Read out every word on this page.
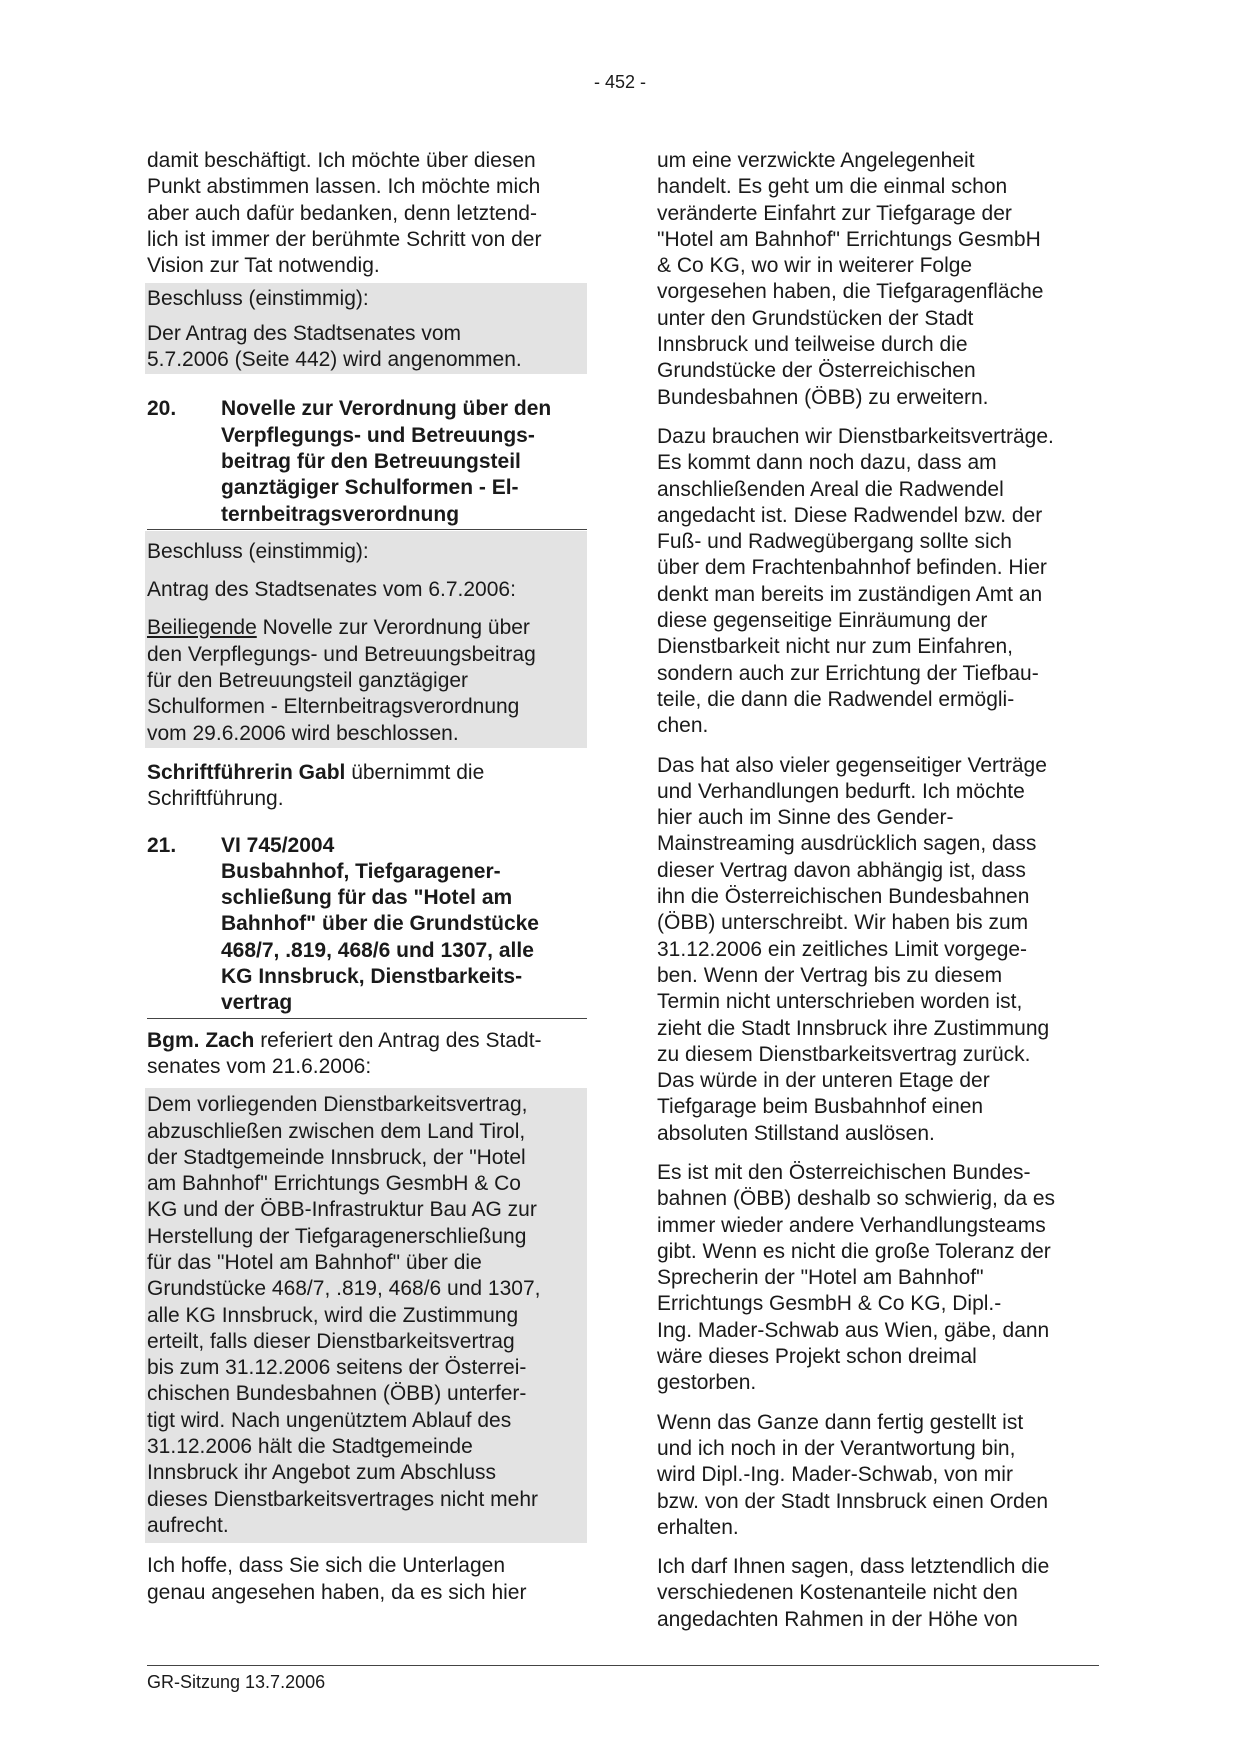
- 452 -
damit beschäftigt. Ich möchte über diesen
Punkt abstimmen lassen. Ich möchte mich
aber auch dafür bedanken, denn letztend-
lich ist immer der berühmte Schritt von der
Vision zur Tat notwendig.
Beschluss (einstimmig):
Der Antrag des Stadtsenates vom
5.7.2006 (Seite 442) wird angenommen.
20.	Novelle zur Verordnung über den
Verpflegungs- und Betreuungs-
beitrag für den Betreuungsteil
ganztägiger Schulformen - El-
ternbeitragsverordnung
Beschluss (einstimmig):
Antrag des Stadtsenates vom 6.7.2006:
Beiliegende Novelle zur Verordnung über
den Verpflegungs- und Betreuungsbeitrag
für den Betreuungsteil ganztägiger
Schulformen - Elternbeitragsverordnung
vom 29.6.2006 wird beschlossen.
Schriftführerin Gabl übernimmt die
Schriftführung.
21.	VI 745/2004
Busbahnhof, Tiefgaragener-
schließung für das "Hotel am
Bahnhof" über die Grundstücke
468/7, .819, 468/6 und 1307, alle
KG Innsbruck, Dienstbarkeits-
vertrag
Bgm. Zach referiert den Antrag des Stadt-
senates vom 21.6.2006:
Dem vorliegenden Dienstbarkeitsvertrag,
abzuschließen zwischen dem Land Tirol,
der Stadtgemeinde Innsbruck, der "Hotel
am Bahnhof" Errichtungs GesmbH & Co
KG und der ÖBB-Infrastruktur Bau AG zur
Herstellung der Tiefgaragenerschließung
für das "Hotel am Bahnhof" über die
Grundstücke 468/7, .819, 468/6 und 1307,
alle KG Innsbruck, wird die Zustimmung
erteilt, falls dieser Dienstbarkeitsvertrag
bis zum 31.12.2006 seitens der Österrei-
chischen Bundesbahnen (ÖBB) unterfer-
tigt wird. Nach ungenütztem Ablauf des
31.12.2006 hält die Stadtgemeinde
Innsbruck ihr Angebot zum Abschluss
dieses Dienstbarkeitsvertrages nicht mehr
aufrecht.
Ich hoffe, dass Sie sich die Unterlagen
genau angesehen haben, da es sich hier
um eine verzwickte Angelegenheit
handelt. Es geht um die einmal schon
veränderte Einfahrt zur Tiefgarage der
"Hotel am Bahnhof" Errichtungs GesmbH
& Co KG, wo wir in weiterer Folge
vorgesehen haben, die Tiefgaragenfläche
unter den Grundstücken der Stadt
Innsbruck und teilweise durch die
Grundstücke der Österreichischen
Bundesbahnen (ÖBB) zu erweitern.
Dazu brauchen wir Dienstbarkeitsverträge.
Es kommt dann noch dazu, dass am
anschließenden Areal die Radwendel
angedacht ist. Diese Radwendel bzw. der
Fuß- und Radwegübergang sollte sich
über dem Frachtenbahnhof befinden. Hier
denkt man bereits im zuständigen Amt an
diese gegenseitige Einräumung der
Dienstbarkeit nicht nur zum Einfahren,
sondern auch zur Errichtung der Tiefbau-
teile, die dann die Radwendel ermögli-
chen.
Das hat also vieler gegenseitiger Verträge
und Verhandlungen bedurft. Ich möchte
hier auch im Sinne des Gender-
Mainstreaming ausdrücklich sagen, dass
dieser Vertrag davon abhängig ist, dass
ihn die Österreichischen Bundesbahnen
(ÖBB) unterschreibt. Wir haben bis zum
31.12.2006 ein zeitliches Limit vorgege-
ben. Wenn der Vertrag bis zu diesem
Termin nicht unterschrieben worden ist,
zieht die Stadt Innsbruck ihre Zustimmung
zu diesem Dienstbarkeitsvertrag zurück.
Das würde in der unteren Etage der
Tiefgarage beim Busbahnhof einen
absoluten Stillstand auslösen.
Es ist mit den Österreichischen Bundes-
bahnen (ÖBB) deshalb so schwierig, da es
immer wieder andere Verhandlungsteams
gibt. Wenn es nicht die große Toleranz der
Sprecherin der "Hotel am Bahnhof"
Errichtungs GesmbH & Co KG, Dipl.-
Ing. Mader-Schwab aus Wien, gäbe, dann
wäre dieses Projekt schon dreimal
gestorben.
Wenn das Ganze dann fertig gestellt ist
und ich noch in der Verantwortung bin,
wird Dipl.-Ing. Mader-Schwab, von mir
bzw. von der Stadt Innsbruck einen Orden
erhalten.
Ich darf Ihnen sagen, dass letztendlich die
verschiedenen Kostenanteile nicht den
angedachten Rahmen in der Höhe von
GR-Sitzung 13.7.2006
